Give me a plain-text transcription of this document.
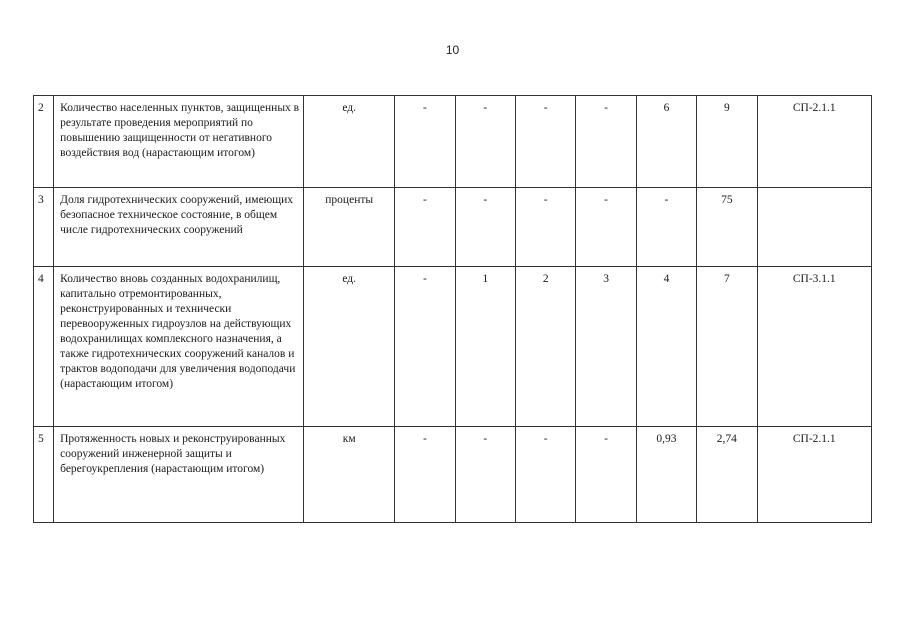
10
2	Количество населенных пунктов, защищенных в результате проведения мероприятий по повышению защищенности от негативного воздействия вод (нарастающим итогом)	ед.	-	-	-	-	6	9	СП-2.1.1
3	Доля гидротехнических сооружений, имеющих безопасное техническое состояние, в общем числе гидротехнических сооружений	проценты	-	-	-	-	-	75	
4	Количество вновь созданных водохранилищ, капитально отремонтированных, реконструированных и технически перевооруженных гидроузлов на действующих водохранилищах комплексного назначения, а также гидротехнических сооружений каналов и трактов водоподачи для увеличения водоподачи (нарастающим итогом)	ед.	-	1	2	3	4	7	СП-3.1.1
5	Протяженность новых и реконструированных сооружений инженерной защиты и берегоукрепления (нарастающим итогом)	км	-	-	-	-	0,93	2,74	СП-2.1.1
